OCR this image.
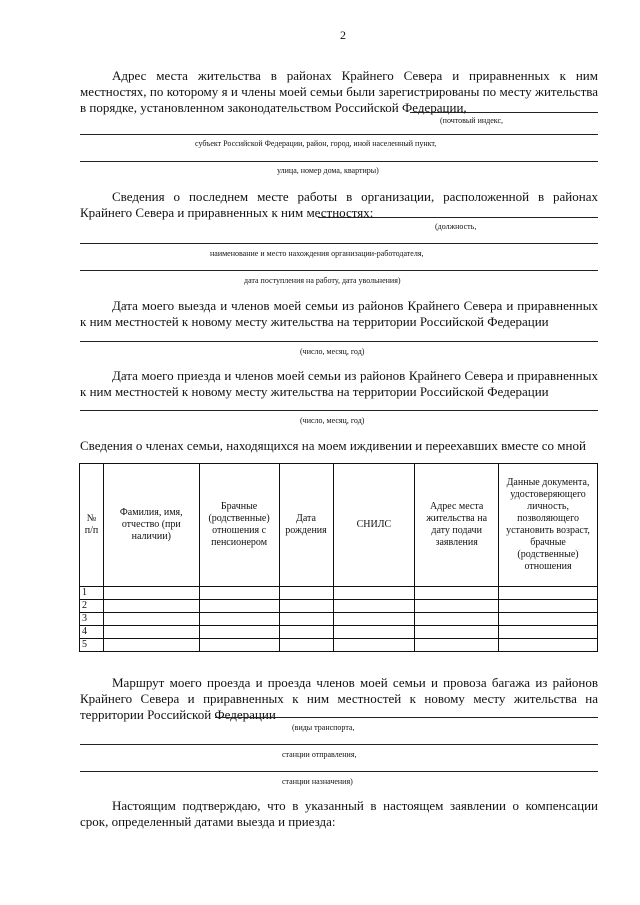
2
Адрес места жительства в районах Крайнего Севера и приравненных к ним местностях, по которому я и члены моей семьи были зарегистрированы по месту жительства в порядке, установленном законодательством Российской Федерации,
(почтовый индекс,
субъект Российской Федерации, район, город, иной населенный пункт,
улица, номер дома, квартиры)
Сведения о последнем месте работы в организации, расположенной в районах Крайнего Севера и приравненных к ним местностях:
(должность,
наименование и место нахождения организации-работодателя,
дата поступления на работу, дата увольнения)
Дата моего выезда и членов моей семьи из районов Крайнего Севера и приравненных к ним местностей к новому месту жительства на территории Российской Федерации
(число, месяц, год)
Дата моего приезда и членов моей семьи из районов Крайнего Севера и приравненных к ним местностей к новому месту жительства на территории Российской Федерации
(число, месяц, год)
Сведения о членах семьи, находящихся на моем иждивении и переехавших вместе со мной
№ п/п	Фамилия, имя, отчество (при наличии)	Брачные (родственные) отношения с пенсионером	Дата рождения	СНИЛС	Адрес места жительства на дату подачи заявления	Данные документа, удостоверяющего личность, позволяющего установить возраст, брачные (родственные) отношения
1						
2						
3						
4						
5						
Маршрут моего проезда и проезда членов моей семьи и провоза багажа из районов Крайнего Севера и приравненных к ним местностей к новому месту жительства на территории Российской Федерации
(виды транспорта,
станции отправления,
станции назначения)
Настоящим подтверждаю, что в указанный в настоящем заявлении о компенсации срок, определенный датами выезда и приезда:
